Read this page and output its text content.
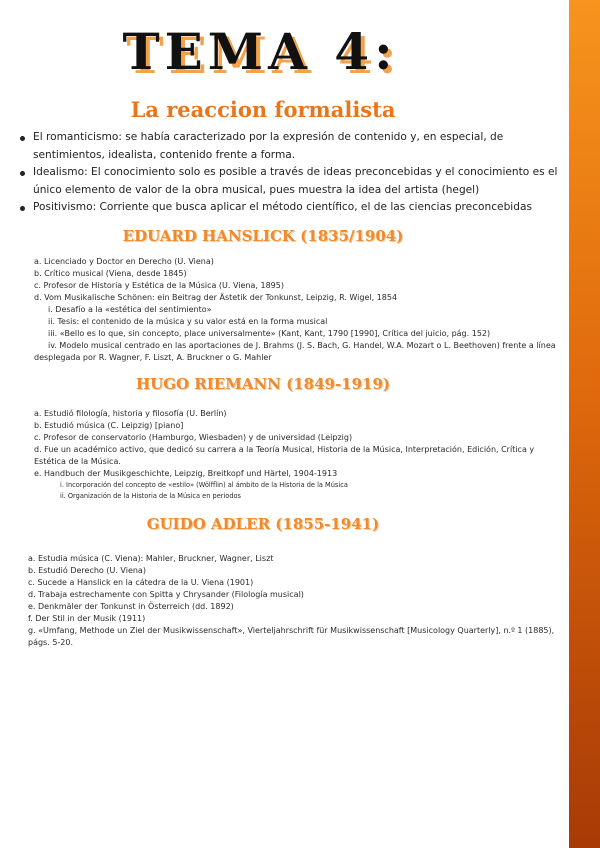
TEMA 4:
La reaccion formalista
El romanticismo: se había caracterizado por la expresión de contenido y, en especial, de sentimientos, idealista, contenido frente a forma.
Idealismo: El conocimiento solo es posible a través de ideas preconcebidas y el conocimiento es el único elemento de valor de la obra musical, pues muestra la idea del artista (hegel)
Positivismo: Corriente que busca aplicar el método científico, el de las ciencias preconcebidas
EDUARD HANSLICK (1835/1904)
a. Licenciado y Doctor en Derecho (U. Viena)
b. Crítico musical (Viena, desde 1845)
c. Profesor de Historia y Estética de la Música (U. Viena, 1895)
d. Vom Musikalische Schönen: ein Beitrag der Ästetik der Tonkunst, Leipzig, R. Wigel, 1854
i. Desafío a la «estética del sentimiento»
ii. Tesis: el contenido de la música y su valor está en la forma musical
iii. «Bello es lo que, sin concepto, place universalmente» (Kant, Kant, 1790 [1990], Crítica del juicio, pág. 152)
iv. Modelo musical centrado en las aportaciones de J. Brahms (J. S. Bach, G. Handel, W.A. Mozart o L. Beethoven) frente a línea desplegada por R. Wagner, F. Liszt, A. Bruckner o G. Mahler
HUGO RIEMANN (1849-1919)
a. Estudió filología, historia y filosofía (U. Berlín)
b. Estudió música (C. Leipzig) [piano]
c. Profesor de conservatorio (Hamburgo, Wiesbaden) y de universidad (Leipzig)
d. Fue un académico activo, que dedicó su carrera a la Teoría Musical, Historia de la Música, Interpretación, Edición, Crítica y Estética de la Música.
e. Handbuch der Musikgeschichte, Leipzig, Breitkopf und Härtel, 1904-1913
i. Incorporación del concepto de «estilo» (Wölfflin) al ámbito de la Historia de la Música
ii. Organización de la Historia de la Música en periodos
GUIDO ADLER (1855-1941)
a. Estudia música (C. Viena): Mahler, Bruckner, Wagner, Liszt
b. Estudió Derecho (U. Viena)
c. Sucede a Hanslick en la cátedra de la U. Viena (1901)
d. Trabaja estrechamente con Spitta y Chrysander (Filología musical)
e. Denkmäler der Tonkunst in Österreich (dd. 1892)
f. Der Stil in der Musik (1911)
g. «Umfang, Methode un Ziel der Musikwissenschaft», Vierteljahrschrift für Musikwissenschaft [Musicology Quarterly], n.º 1 (1885), págs. 5-20.
